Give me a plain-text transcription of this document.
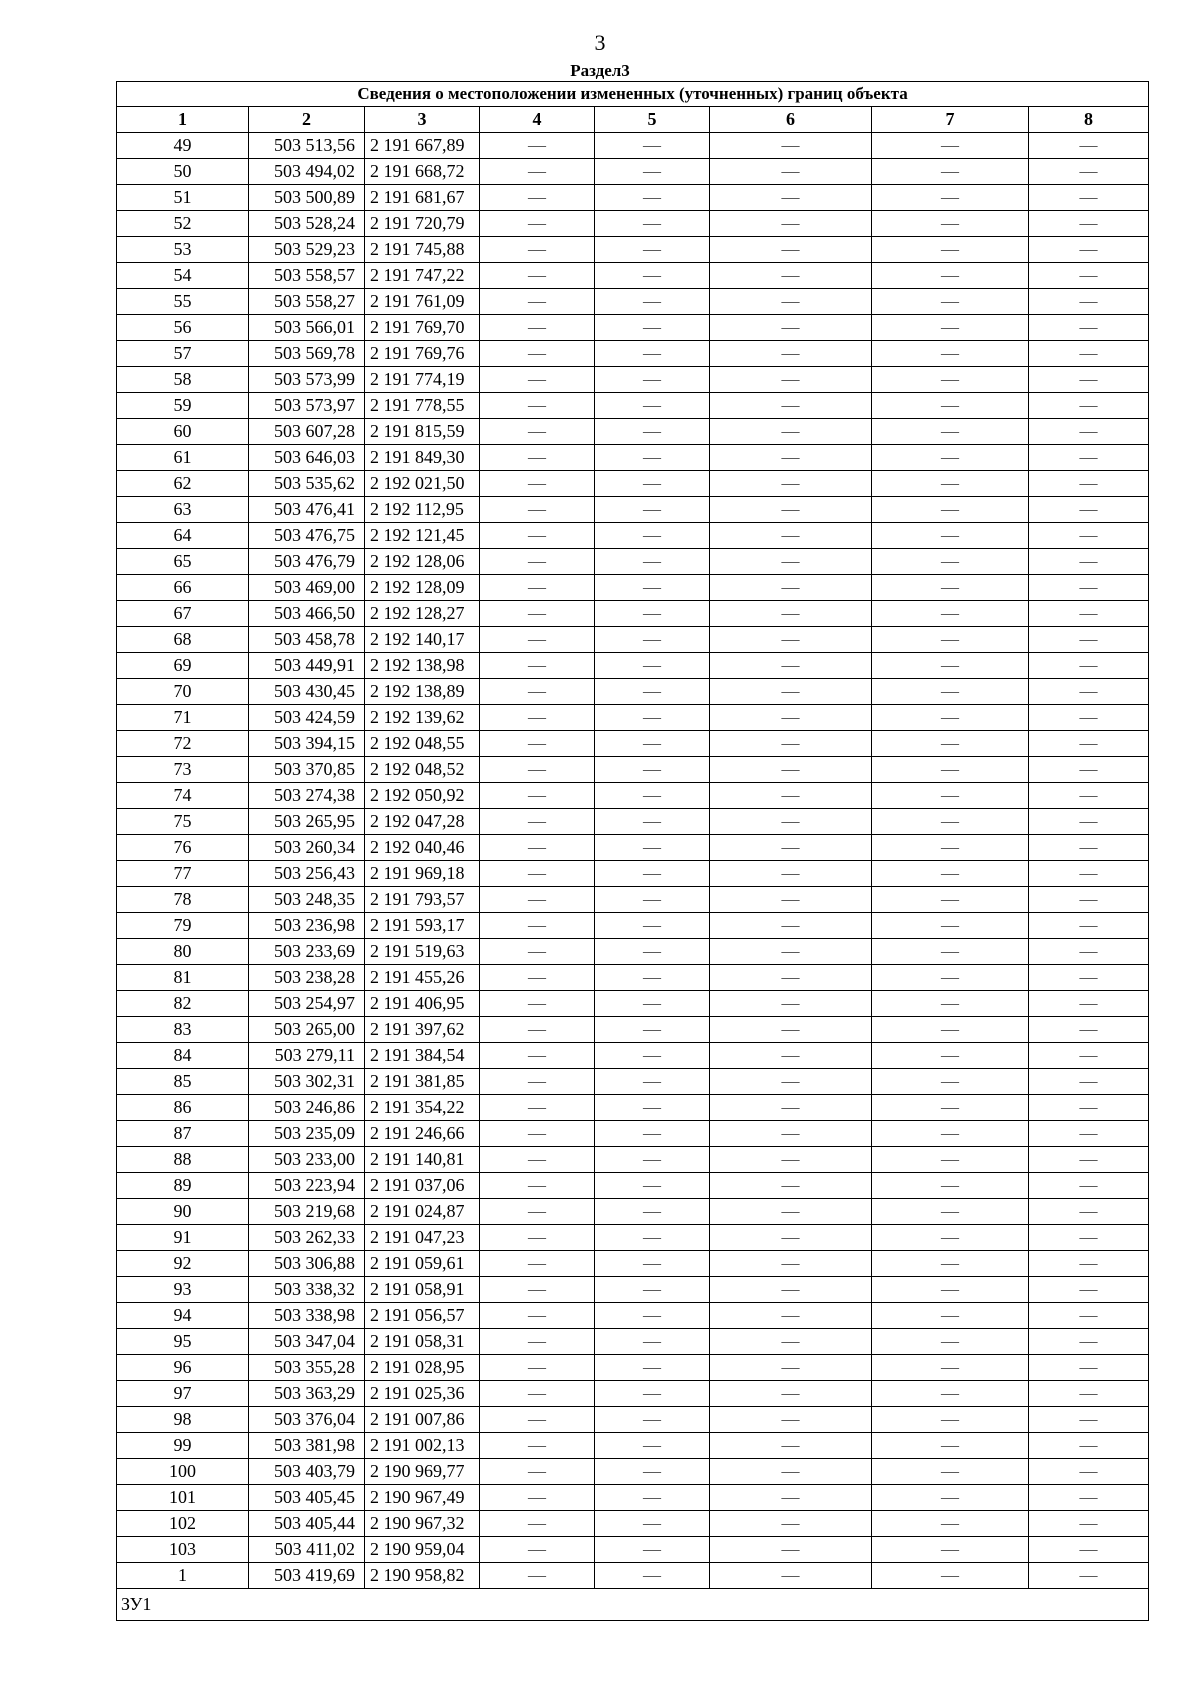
3
Раздел3
Сведения о местоположении измененных (уточненных) границ объекта							
1	2	3	4	5	6	7	8
49	503 513,56	2 191 667,89	—	—	—	—	—
50	503 494,02	2 191 668,72	—	—	—	—	—
51	503 500,89	2 191 681,67	—	—	—	—	—
52	503 528,24	2 191 720,79	—	—	—	—	—
53	503 529,23	2 191 745,88	—	—	—	—	—
54	503 558,57	2 191 747,22	—	—	—	—	—
55	503 558,27	2 191 761,09	—	—	—	—	—
56	503 566,01	2 191 769,70	—	—	—	—	—
57	503 569,78	2 191 769,76	—	—	—	—	—
58	503 573,99	2 191 774,19	—	—	—	—	—
59	503 573,97	2 191 778,55	—	—	—	—	—
60	503 607,28	2 191 815,59	—	—	—	—	—
61	503 646,03	2 191 849,30	—	—	—	—	—
62	503 535,62	2 192 021,50	—	—	—	—	—
63	503 476,41	2 192 112,95	—	—	—	—	—
64	503 476,75	2 192 121,45	—	—	—	—	—
65	503 476,79	2 192 128,06	—	—	—	—	—
66	503 469,00	2 192 128,09	—	—	—	—	—
67	503 466,50	2 192 128,27	—	—	—	—	—
68	503 458,78	2 192 140,17	—	—	—	—	—
69	503 449,91	2 192 138,98	—	—	—	—	—
70	503 430,45	2 192 138,89	—	—	—	—	—
71	503 424,59	2 192 139,62	—	—	—	—	—
72	503 394,15	2 192 048,55	—	—	—	—	—
73	503 370,85	2 192 048,52	—	—	—	—	—
74	503 274,38	2 192 050,92	—	—	—	—	—
75	503 265,95	2 192 047,28	—	—	—	—	—
76	503 260,34	2 192 040,46	—	—	—	—	—
77	503 256,43	2 191 969,18	—	—	—	—	—
78	503 248,35	2 191 793,57	—	—	—	—	—
79	503 236,98	2 191 593,17	—	—	—	—	—
80	503 233,69	2 191 519,63	—	—	—	—	—
81	503 238,28	2 191 455,26	—	—	—	—	—
82	503 254,97	2 191 406,95	—	—	—	—	—
83	503 265,00	2 191 397,62	—	—	—	—	—
84	503 279,11	2 191 384,54	—	—	—	—	—
85	503 302,31	2 191 381,85	—	—	—	—	—
86	503 246,86	2 191 354,22	—	—	—	—	—
87	503 235,09	2 191 246,66	—	—	—	—	—
88	503 233,00	2 191 140,81	—	—	—	—	—
89	503 223,94	2 191 037,06	—	—	—	—	—
90	503 219,68	2 191 024,87	—	—	—	—	—
91	503 262,33	2 191 047,23	—	—	—	—	—
92	503 306,88	2 191 059,61	—	—	—	—	—
93	503 338,32	2 191 058,91	—	—	—	—	—
94	503 338,98	2 191 056,57	—	—	—	—	—
95	503 347,04	2 191 058,31	—	—	—	—	—
96	503 355,28	2 191 028,95	—	—	—	—	—
97	503 363,29	2 191 025,36	—	—	—	—	—
98	503 376,04	2 191 007,86	—	—	—	—	—
99	503 381,98	2 191 002,13	—	—	—	—	—
100	503 403,79	2 190 969,77	—	—	—	—	—
101	503 405,45	2 190 967,49	—	—	—	—	—
102	503 405,44	2 190 967,32	—	—	—	—	—
103	503 411,02	2 190 959,04	—	—	—	—	—
1	503 419,69	2 190 958,82	—	—	—	—	—
ЗУ1							
